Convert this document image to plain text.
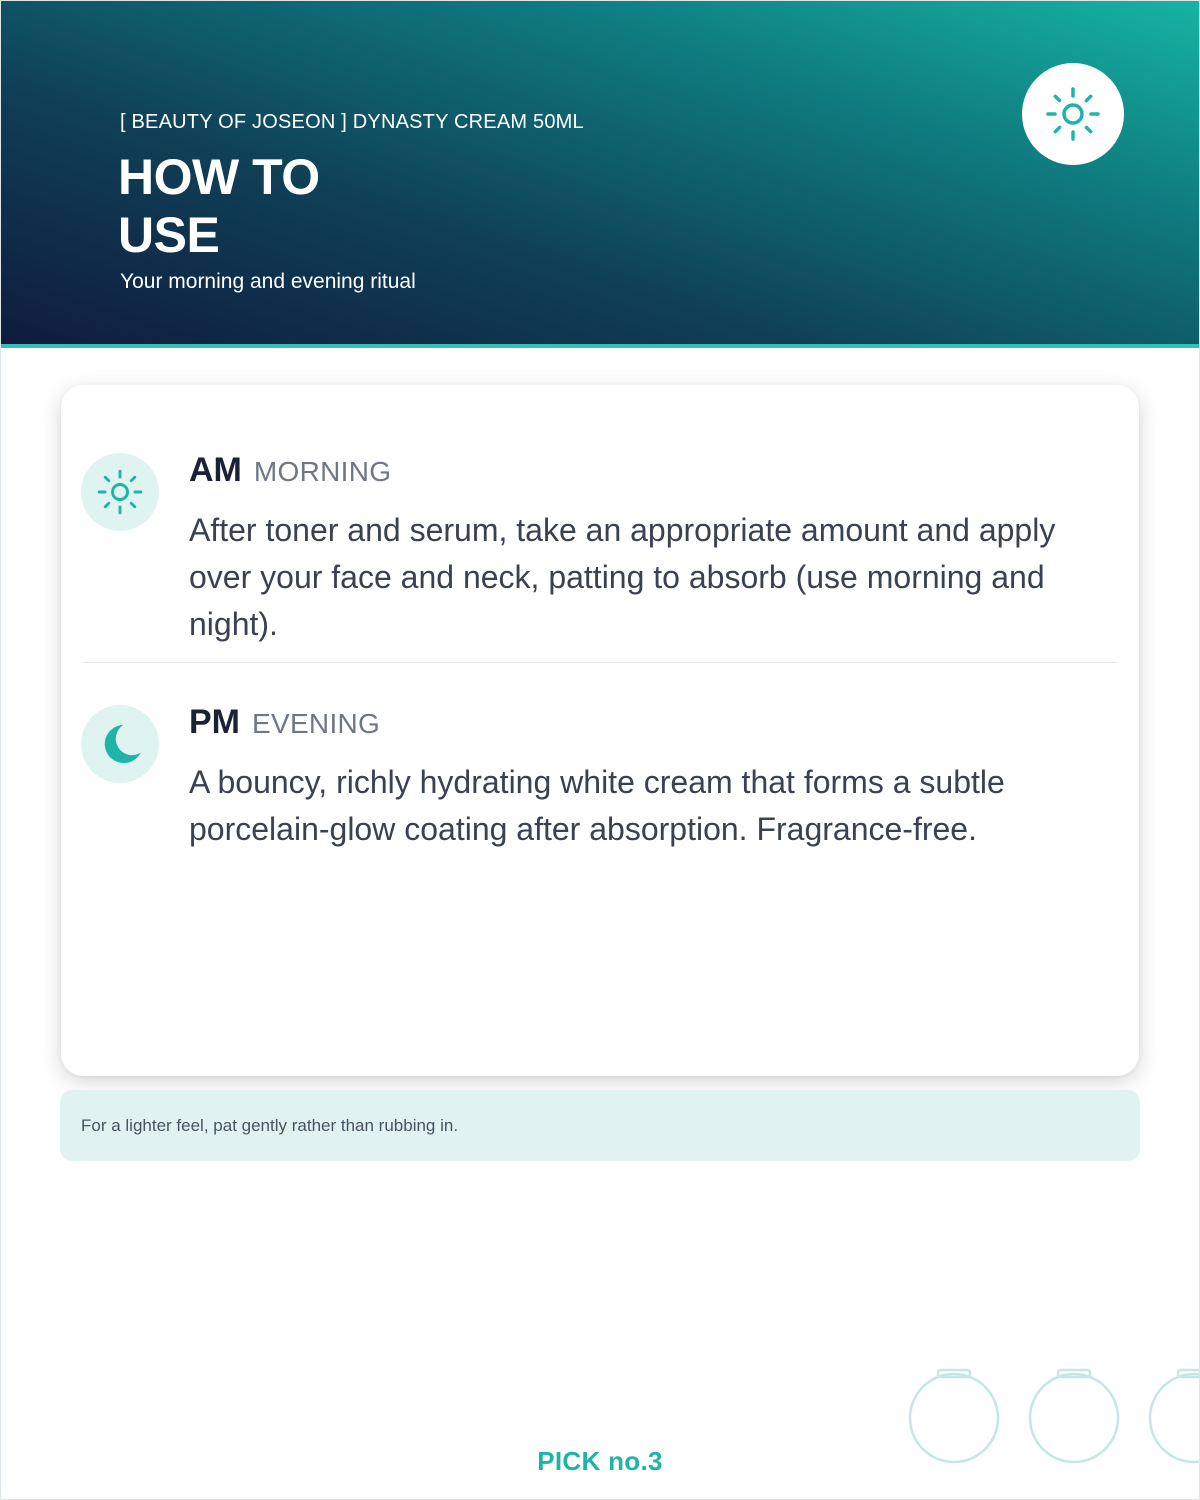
[ BEAUTY OF JOSEON ] DYNASTY CREAM 50ML
HOW TO
USE
Your morning and evening ritual
AM MORNING
After toner and serum, take an appropriate amount and apply over your face and neck, patting to absorb (use morning and night).
PM EVENING
A bouncy, richly hydrating white cream that forms a subtle porcelain-glow coating after absorption. Fragrance-free.
For a lighter feel, pat gently rather than rubbing in.
PICK no.3
